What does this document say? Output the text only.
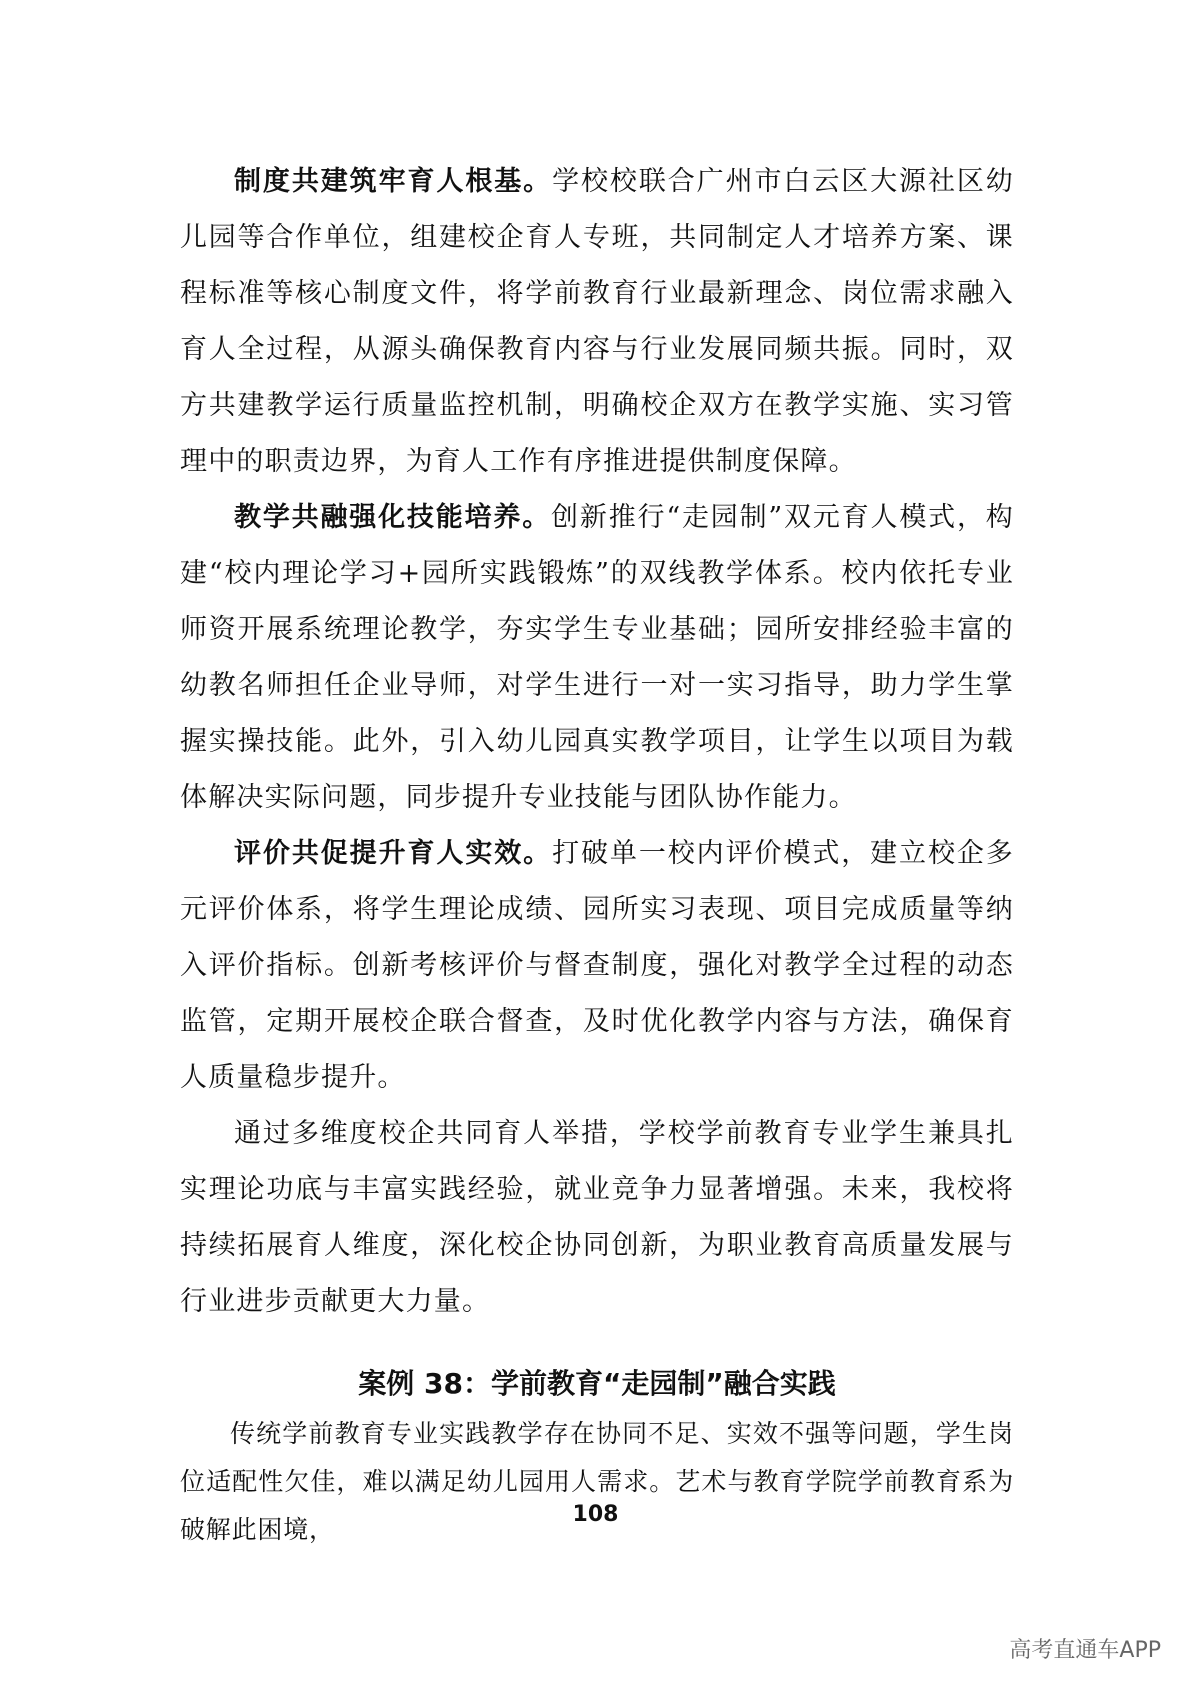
制度共建筑牢育人根基。学校校联合广州市白云区大源社区幼儿园等合作单位，组建校企育人专班，共同制定人才培养方案、课程标准等核心制度文件，将学前教育行业最新理念、岗位需求融入育人全过程，从源头确保教育内容与行业发展同频共振。同时，双方共建教学运行质量监控机制，明确校企双方在教学实施、实习管理中的职责边界，为育人工作有序推进提供制度保障。

教学共融强化技能培养。创新推行“走园制”双元育人模式，构建“校内理论学习+园所实践锻炼”的双线教学体系。校内依托专业师资开展系统理论教学，夯实学生专业基础；园所安排经验丰富的幼教名师担任企业导师，对学生进行一对一实习指导，助力学生掌握实操技能。此外，引入幼儿园真实教学项目，让学生以项目为载体解决实际问题，同步提升专业技能与团队协作能力。

评价共促提升育人实效。打破单一校内评价模式，建立校企多元评价体系，将学生理论成绩、园所实习表现、项目完成质量等纳入评价指标。创新考核评价与督查制度，强化对教学全过程的动态监管，定期开展校企联合督查，及时优化教学内容与方法，确保育人质量稳步提升。

通过多维度校企共同育人举措，学校学前教育专业学生兼具扎实理论功底与丰富实践经验，就业竞争力显著增强。未来，我校将持续拓展育人维度，深化校企协同创新，为职业教育高质量发展与行业进步贡献更大力量。

案例 38：学前教育“走园制”融合实践

传统学前教育专业实践教学存在协同不足、实效不强等问题，学生岗位适配性欠佳，难以满足幼儿园用人需求。艺术与教育学院学前教育系为破解此困境，

108
高考直通车APP
